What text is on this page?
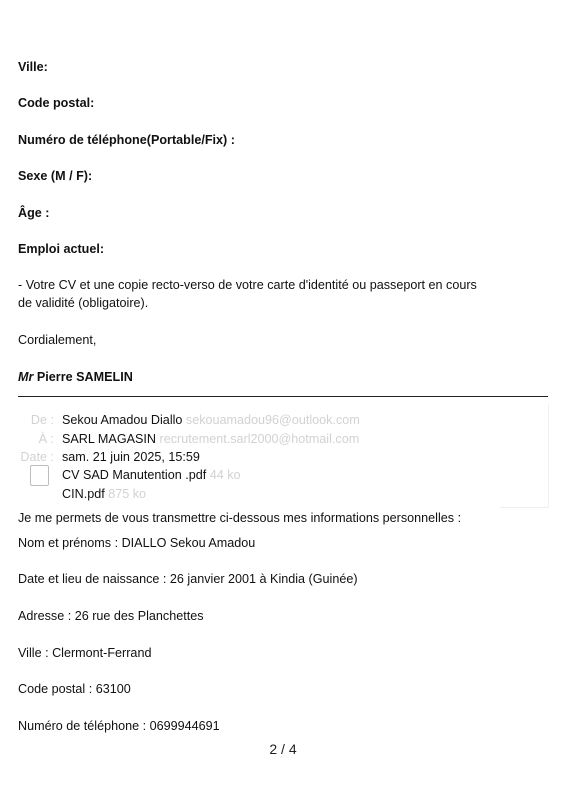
Ville:
Code postal:
Numéro de téléphone(Portable/Fix) :
Sexe (M / F):
Âge :
Emploi actuel:
- Votre CV et une copie recto-verso de votre carte d'identité ou passeport en cours de validité (obligatoire).
Cordialement,
Mr Pierre SAMELIN
De : Sekou Amadou Diallo sekouamadou96@outlook.com
À : SARL MAGASIN recrutement.sarl2000@hotmail.com
Date : sam. 21 juin 2025, 15:59
CV SAD Manutention .pdf 44 ko
CIN.pdf 875 ko
Je me permets de vous transmettre ci-dessous mes informations personnelles :
Nom et prénoms : DIALLO Sekou Amadou
Date et lieu de naissance : 26 janvier 2001 à Kindia (Guinée)
Adresse : 26 rue des Planchettes
Ville : Clermont-Ferrand
Code postal : 63100
Numéro de téléphone : 0699944691
2 / 4
